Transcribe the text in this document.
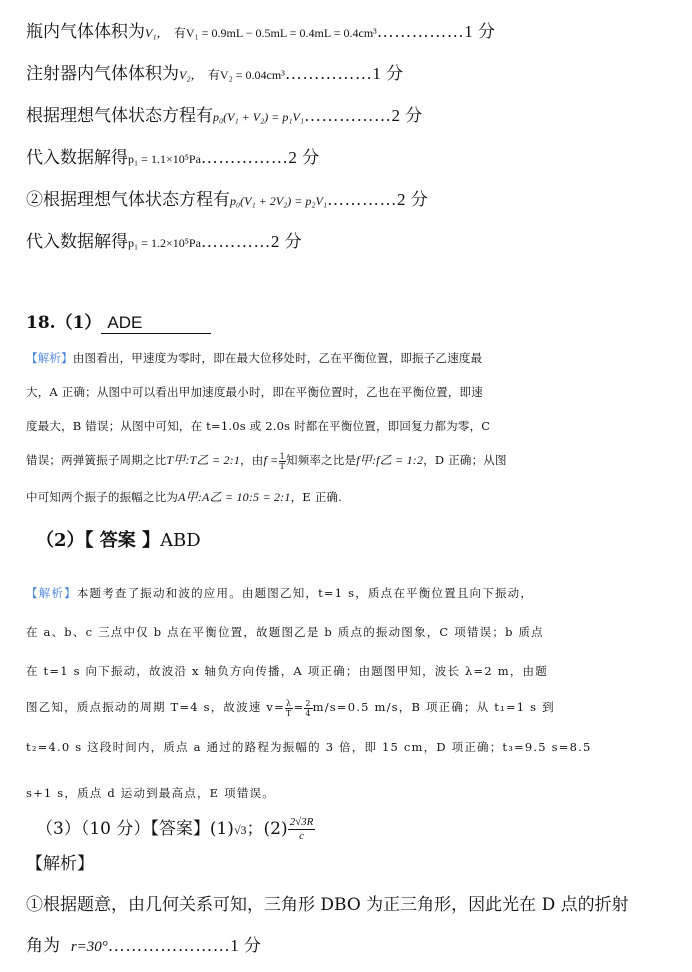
瓶内气体体积为V₁， 有V₁ = 0.9mL − 0.5mL = 0.4mL = 0.4cm³……………1 分
注射器内气体体积为V₂， 有V₂ = 0.04cm³……………1 分
根据理想气体状态方程有p₀(V₁ + V₂) = p₁V₁……………2 分
代入数据解得p₁ = 1.1×10⁵Pa……………2 分
②根据理想气体状态方程有p₀(V₁ + 2V₂) = p₂V₁…………2 分
代入数据解得p₁ = 1.2×10⁵Pa…………2 分
18.（1） ADE
【解析】由图看出，甲速度为零时，即在最大位移处时，乙在平衡位置，即振子乙速度最
大，A 正确；从图中可以看出甲加速度最小时，即在平衡位置时，乙也在平衡位置，即速
度最大，B 错误；从图中可知，在 t=1.0s 或 2.0s 时都在平衡位置，即回复力都为零，C
错误；两弹簧振子周期之比T甲:T乙 = 2:1，由$f = \frac{1}{T}$ 知频率之比是f甲:f乙 = 1:2，D 正确；从图
中可知两个振子的振幅之比为A甲:A乙 = 10:5 = 2:1，E 正确.
（2）【 答案 】ABD
【解析】本题考查了振动和波的应用。由题图乙知，t=1 s，质点在平衡位置且向下振动，
在 a、b、c 三点中仅 b 点在平衡位置，故题图乙是 b 质点的振动图象，C 项错误；b 质点
在 t=1 s 向下振动，故波沿 x 轴负方向传播，A 项正确；由题图甲知，波长 λ=2 m，由题
图乙知，质点振动的周期 T=4 s，故波速 $v= \frac{\lambda}{T} = \frac{2}{4} m/s=0.5$ m/s，B 项正确；从 t₁=1 s 到
t₂=4.0 s 这段时间内，质点 a 通过的路程为振幅的 3 倍，即 15 cm，D 项正确；t₃=9.5 s=8.5
s+1 s，质点 d 运动到最高点，E 项错误。
（3）（10 分）【答案】(1)√3；$(2) \frac{2√3R}{c}$
【解析】
①根据题意，由几何关系可知，三角形 DBO 为正三角形，因此光在 D 点的折射
角为 r=30°…………………1 分
